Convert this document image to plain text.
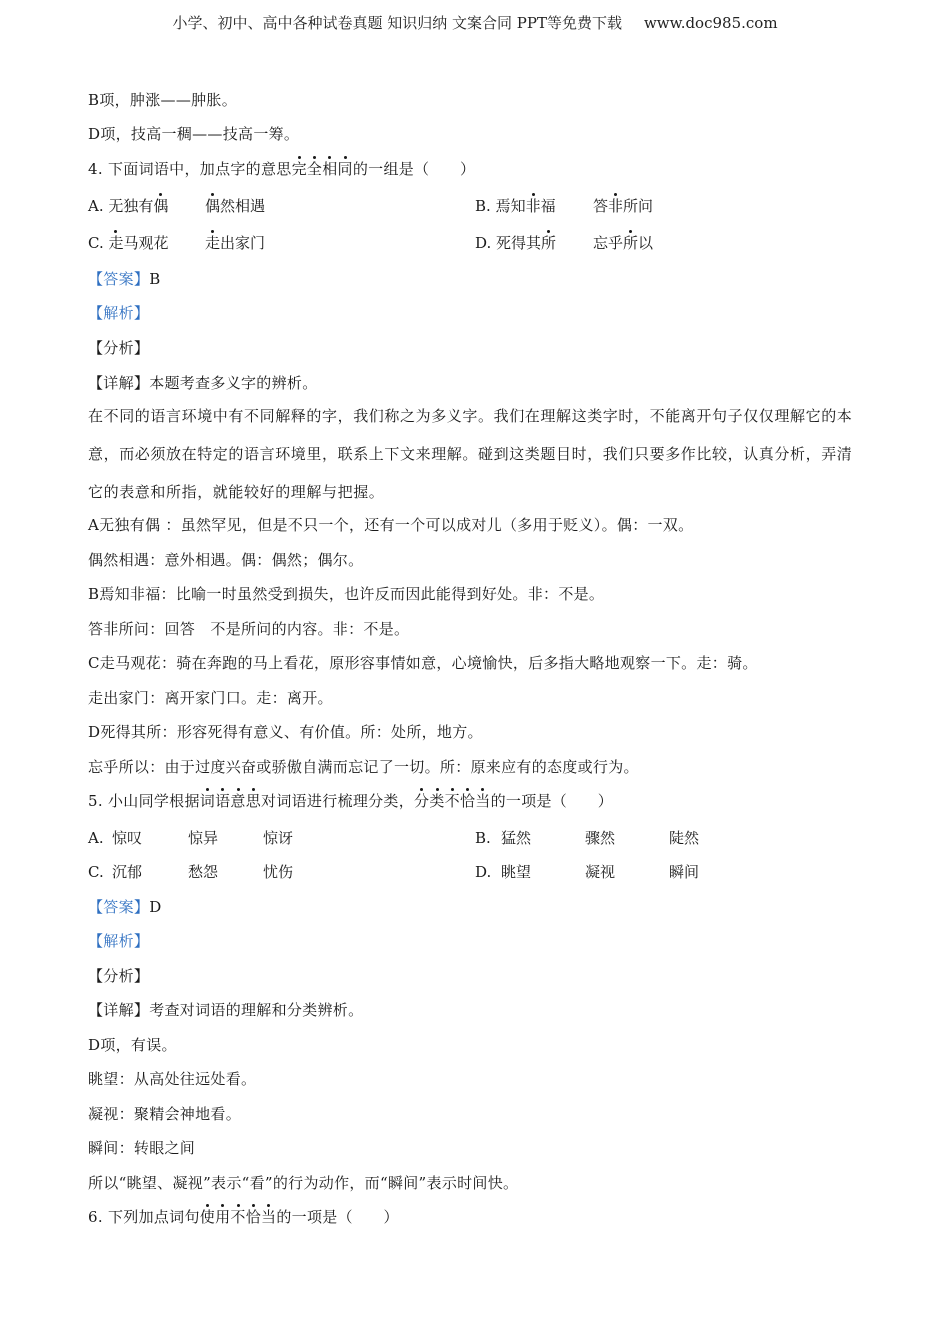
小学、初中、高中各种试卷真题 知识归纳 文案合同 PPT等免费下载 www.doc985.com
B项，肿涨——肿胀。
D项，技高一稠——技高一筹。
4. 下面词语中，加点字的意思完全相同的一组是（　　）
A. 无独有偶 偶然相遇	B. 焉知非福 答非所问
C. 走马观花 走出家门	D. 死得其所 忘乎所以
【答案】B
【解析】
【分析】
【详解】本题考查多义字的辨析。
在不同的语言环境中有不同解释的字，我们称之为多义字。我们在理解这类字时，不能离开句子仅仅理解它的本意，而必须放在特定的语言环境里，联系上下文来理解。碰到这类题目时，我们只要多作比较，认真分析，弄清它的表意和所指，就能较好的理解与把握。
A无独有偶 ：虽然罕见，但是不只一个，还有一个可以成对儿（多用于贬义）。偶：一双。
偶然相遇：意外相遇。偶：偶然；偶尔。
B焉知非福：比喻一时虽然受到损失，也许反而因此能得到好处。非：不是。
答非所问：回答　不是所问的内容。非：不是。
C走马观花：骑在奔跑的马上看花，原形容事情如意，心境愉快，后多指大略地观察一下。走：骑。
走出家门：离开家门口。走：离开。
D死得其所：形容死得有意义、有价值。所：处所，地方。
忘乎所以：由于过度兴奋或骄傲自满而忘记了一切。所：原来应有的态度或行为。
5. 小山同学根据词语意思对词语进行梳理分类，分类不恰当的一项是（　　）
A. 惊叹	惊异	惊讶	B. 猛然	骤然	陡然
C. 沉郁	愁怨	忧伤	D. 眺望	凝视	瞬间
【答案】D
【解析】
【分析】
【详解】考查对词语的理解和分类辨析。
D项，有误。
眺望：从高处往远处看。
凝视：聚精会神地看。
瞬间：转眼之间
所以“眺望、凝视”表示“看”的行为动作，而“瞬间”表示时间快。
6. 下列加点词句使用不恰当的一项是（　　）
